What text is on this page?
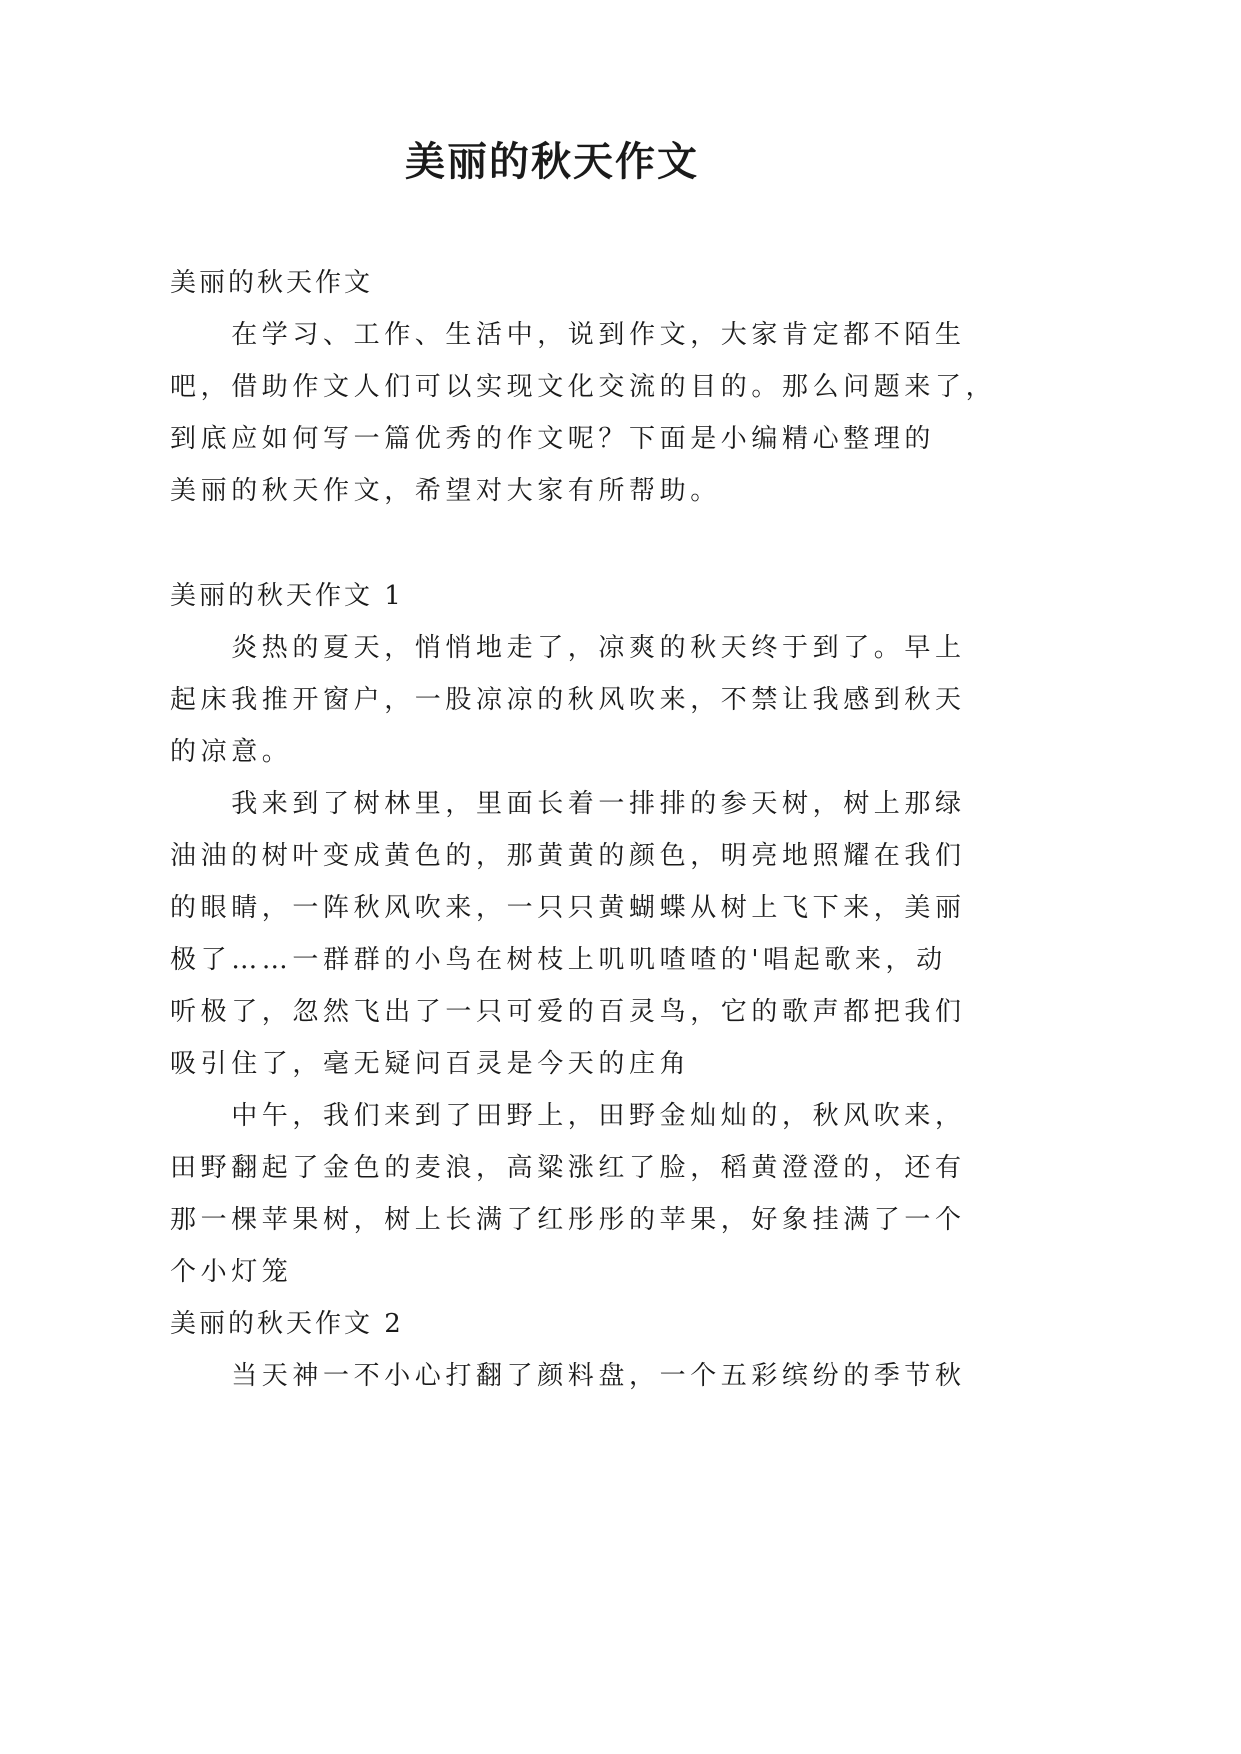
美丽的秋天作文

美丽的秋天作文

　　在学习、工作、生活中，说到作文，大家肯定都不陌生

吧，借助作文人们可以实现文化交流的目的。那么问题来了，

到底应如何写一篇优秀的作文呢？下面是小编精心整理的

美丽的秋天作文，希望对大家有所帮助。

美丽的秋天作文 1

　　炎热的夏天，悄悄地走了，凉爽的秋天终于到了。早上

起床我推开窗户，一股凉凉的秋风吹来，不禁让我感到秋天

的凉意。

　　我来到了树林里，里面长着一排排的参天树，树上那绿

油油的树叶变成黄色的，那黄黄的颜色，明亮地照耀在我们

的眼睛，一阵秋风吹来，一只只黄蝴蝶从树上飞下来，美丽

极了……一群群的小鸟在树枝上叽叽喳喳的'唱起歌来，动

听极了，忽然飞出了一只可爱的百灵鸟，它的歌声都把我们

吸引住了，毫无疑问百灵是今天的庄角

　　中午，我们来到了田野上，田野金灿灿的，秋风吹来，

田野翻起了金色的麦浪，高粱涨红了脸，稻黄澄澄的，还有

那一棵苹果树，树上长满了红彤彤的苹果，好象挂满了一个

个小灯笼

美丽的秋天作文 2

　　当天神一不小心打翻了颜料盘，一个五彩缤纷的季节秋
